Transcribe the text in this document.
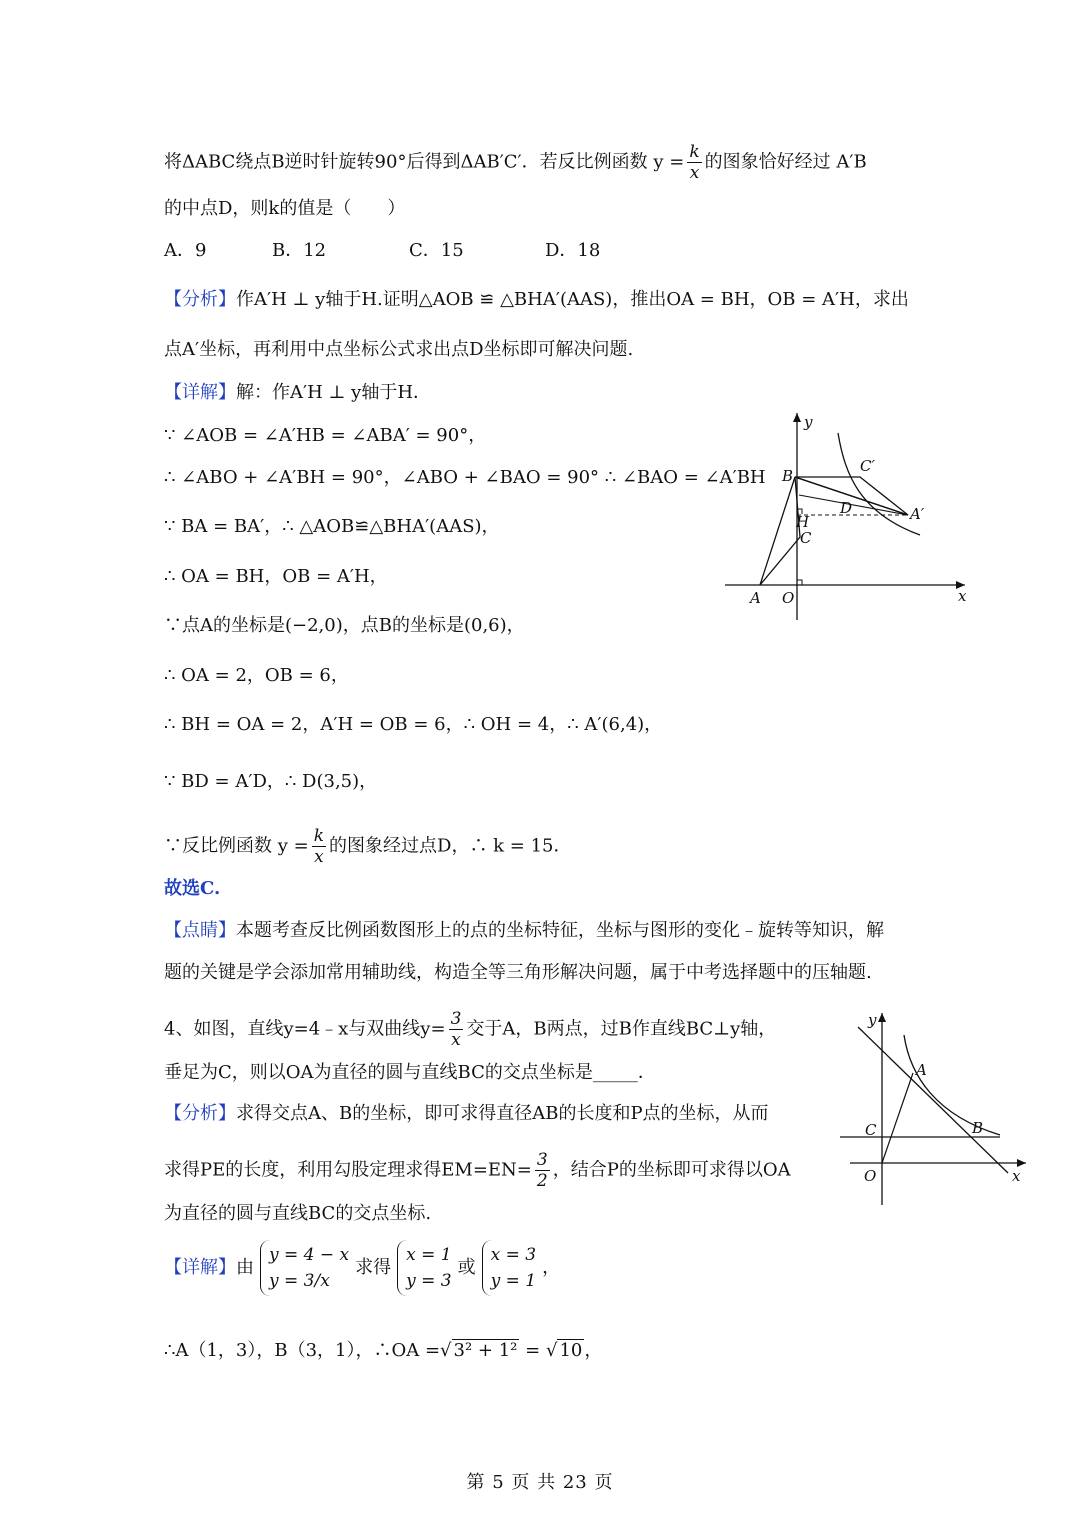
将ΔABC绕点B逆时针旋转90°后得到ΔAB′C′．若反比例函数 $y = \frac{k}{x}$ 的图象恰好经过 A′B
的中点D，则k的值是（　　）
A．9	B．12	C．15	D．18
【分析】作A′H ⊥ y轴于H.证明△AOB ≌ △BHA′(AAS)，推出OA = BH，OB = A′H，求出
点A′坐标，再利用中点坐标公式求出点D坐标即可解决问题.
【详解】解：作A′H ⊥ y轴于H．
∵ ∠AOB = ∠A′HB = ∠ABA′ = 90°，
∴ ∠ABO + ∠A′BH = 90°，∠ABO + ∠BAO = 90° ∴ ∠BAO = ∠A′BH
∵ BA = BA′，∴ △AOB≌△BHA′(AAS)，
∴ OA = BH，OB = A′H，
∵点A的坐标是(−2,0)，点B的坐标是(0,6)，
∴ OA = 2，OB = 6，
∴ BH = OA = 2，A′H = OB = 6，∴ OH = 4，∴ A′(6,4)，
∵ BD = A′D，∴ D(3,5)，
∵反比例函数 $y = \frac{k}{x}$ 的图象经过点D，∴ k = 15．
故选C.
【点睛】本题考查反比例函数图形上的点的坐标特征，坐标与图形的变化﹣旋转等知识，解
题的关键是学会添加常用辅助线，构造全等三角形解决问题，属于中考选择题中的压轴题.
y
x
B
C′
D	A′
H
C
A O
4、如图，直线y=4﹣x与双曲线$y= \frac{3}{x}$ 交于A，B两点，过B作直线BC⊥y轴，
垂足为C，则以OA为直径的圆与直线BC的交点坐标是_____．
【分析】求得交点A、B的坐标，即可求得直径AB的长度和P点的坐标，从而
求得PE的长度，利用勾股定理求得$EM=EN= \frac{3}{2}$ ，结合P的坐标即可求得以OA
为直径的圆与直线BC的交点坐标.
【详解】由
y = 4 − x
y = 3/x
求得
x = 1
y = 3
或
x = 3
y = 1
，
∴A（1，3），B（3，1），∴OA =√ 3² + 1² = √ 10 ，
y
A
C	B
O	x
第 5 页 共 23 页
